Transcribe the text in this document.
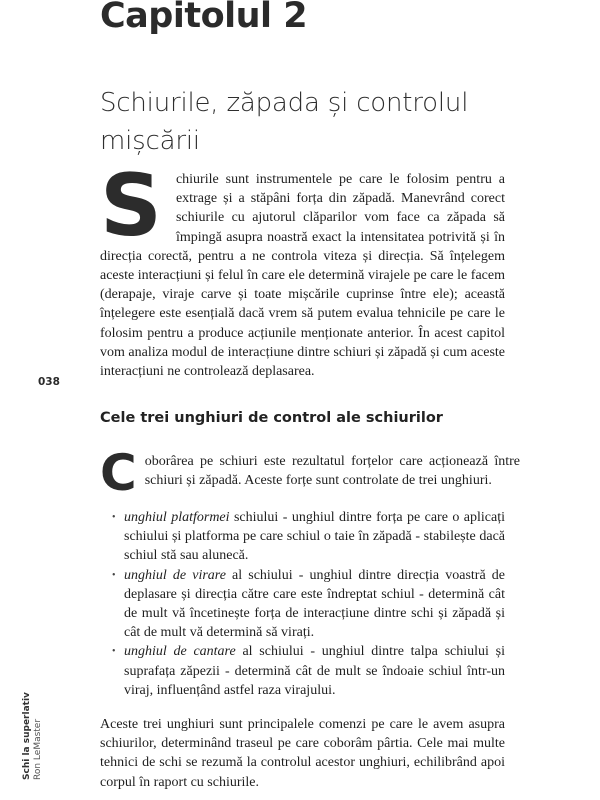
Capitolul 2
Schiurile, zăpada și controlul mișcării

S chiurile sunt instrumentele pe care le folosim pentru a extrage și a stăpâni forța din zăpadă. Manevrând corect schiurile cu ajutorul clăparilor vom face ca zăpada să împingă asupra noastră exact la intensitatea potrivită și în direcția corectă, pentru a ne controla viteza și direcția. Să înțelegem aceste interacțiuni și felul în care ele determină virajele pe care le facem (derapaje, viraje carve și toate mișcările cuprinse între ele); această înțelegere este esențială dacă vrem să putem evalua tehnicile pe care le folosim pentru a produce acțiunile menționate anterior. În acest capitol vom analiza modul de interacțiune dintre schiuri și zăpadă și cum aceste interacțiuni ne controlează deplasarea.

038
Cele trei unghiuri de control ale schiurilor

Coborârea pe schiuri este rezultatul forțelor care acționează între schiuri și zăpadă. Aceste forțe sunt controlate de trei unghiuri.

• unghiul platformei schiului - unghiul dintre forța pe care o aplicați schiului și platforma pe care schiul o taie în zăpadă - stabilește dacă schiul stă sau alunecă.
• unghiul de virare al schiului - unghiul dintre direcția voastră de deplasare și direcția către care este îndreptat schiul - determină cât de mult vă încetinește forța de interacțiune dintre schi și zăpadă și cât de mult vă determină să virați.
• unghiul de cantare al schiului - unghiul dintre talpa schiului și suprafața zăpezii - determină cât de mult se îndoaie schiul într-un viraj, influențând astfel raza virajului.

Aceste trei unghiuri sunt principalele comenzi pe care le avem asupra schiurilor, determinând traseul pe care coborâm pârtia. Cele mai multe tehnici de schi se rezumă la controlul acestor unghiuri, echilibrând apoi corpul în raport cu schiurile.

Schi la superlativ Ron LeMaster
